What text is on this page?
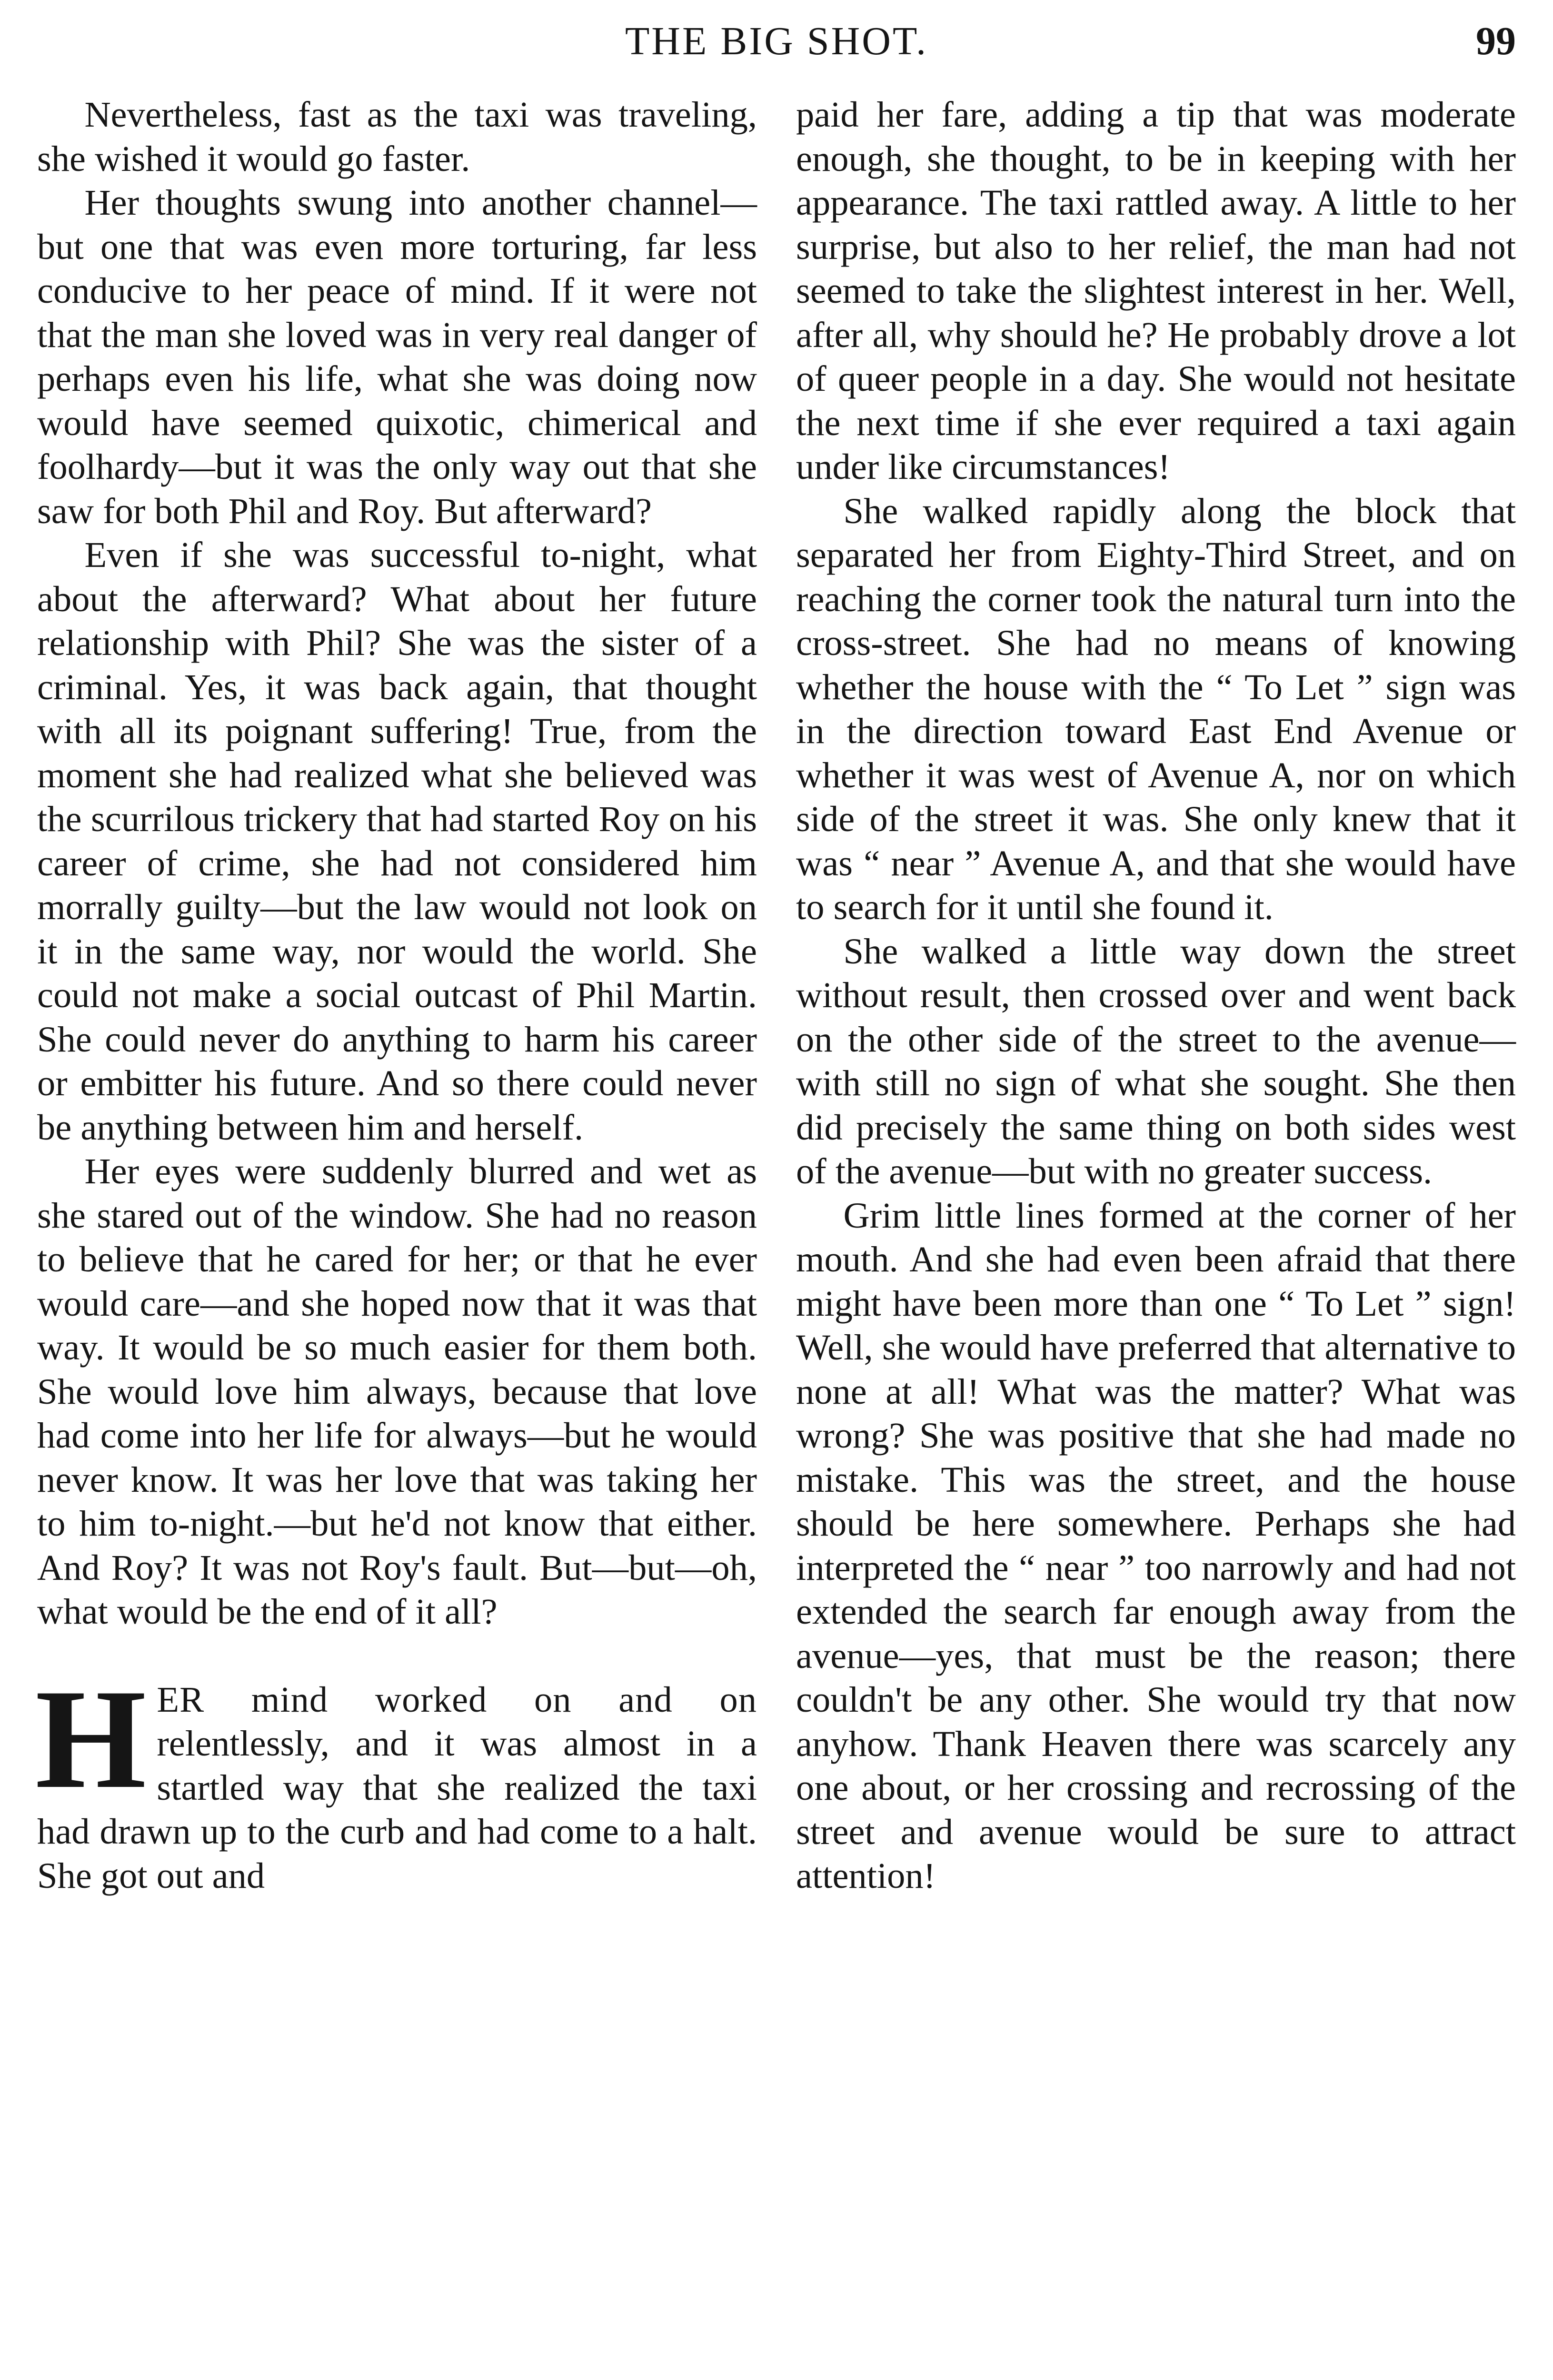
THE BIG SHOT.	99

Nevertheless, fast as the taxi was traveling, she wished it would go faster.

Her thoughts swung into another channel—but one that was even more torturing, far less conducive to her peace of mind. If it were not that the man she loved was in very real danger of perhaps even his life, what she was doing now would have seemed quixotic, chimerical and foolhardy—but it was the only way out that she saw for both Phil and Roy. But afterward?

Even if she was successful to-night, what about the afterward? What about her future relationship with Phil? She was the sister of a criminal. Yes, it was back again, that thought with all its poignant suffering! True, from the moment she had realized what she believed was the scurrilous trickery that had started Roy on his career of crime, she had not considered him morrally guilty—but the law would not look on it in the same way, nor would the world. She could not make a social outcast of Phil Martin. She could never do anything to harm his career or embitter his future. And so there could never be anything between him and herself.

Her eyes were suddenly blurred and wet as she stared out of the window. She had no reason to believe that he cared for her; or that he ever would care—and she hoped now that it was that way. It would be so much easier for them both. She would love him always, because that love had come into her life for always—but he would never know. It was her love that was taking her to him to-night.—but he'd not know that either. And Roy? It was not Roy's fault. But—but—oh, what would be the end of it all?

HER mind worked on and on relentlessly, and it was almost in a startled way that she realized the taxi had drawn up to the curb and had come to a halt. She got out and

paid her fare, adding a tip that was moderate enough, she thought, to be in keeping with her appearance. The taxi rattled away. A little to her surprise, but also to her relief, the man had not seemed to take the slightest interest in her. Well, after all, why should he? He probably drove a lot of queer people in a day. She would not hesitate the next time if she ever required a taxi again under like circumstances!

She walked rapidly along the block that separated her from Eighty-Third Street, and on reaching the corner took the natural turn into the cross-street. She had no means of knowing whether the house with the “ To Let ” sign was in the direction toward East End Avenue or whether it was west of Avenue A, nor on which side of the street it was. She only knew that it was “ near ” Avenue A, and that she would have to search for it until she found it.

She walked a little way down the street without result, then crossed over and went back on the other side of the street to the avenue—with still no sign of what she sought. She then did precisely the same thing on both sides west of the avenue—but with no greater success.

Grim little lines formed at the corner of her mouth. And she had even been afraid that there might have been more than one “ To Let ” sign! Well, she would have preferred that alternative to none at all! What was the matter? What was wrong? She was positive that she had made no mistake. This was the street, and the house should be here somewhere. Perhaps she had interpreted the “ near ” too narrowly and had not extended the search far enough away from the avenue—yes, that must be the reason; there couldn't be any other. She would try that now anyhow. Thank Heaven there was scarcely any one about, or her crossing and recrossing of the street and avenue would be sure to attract attention!
